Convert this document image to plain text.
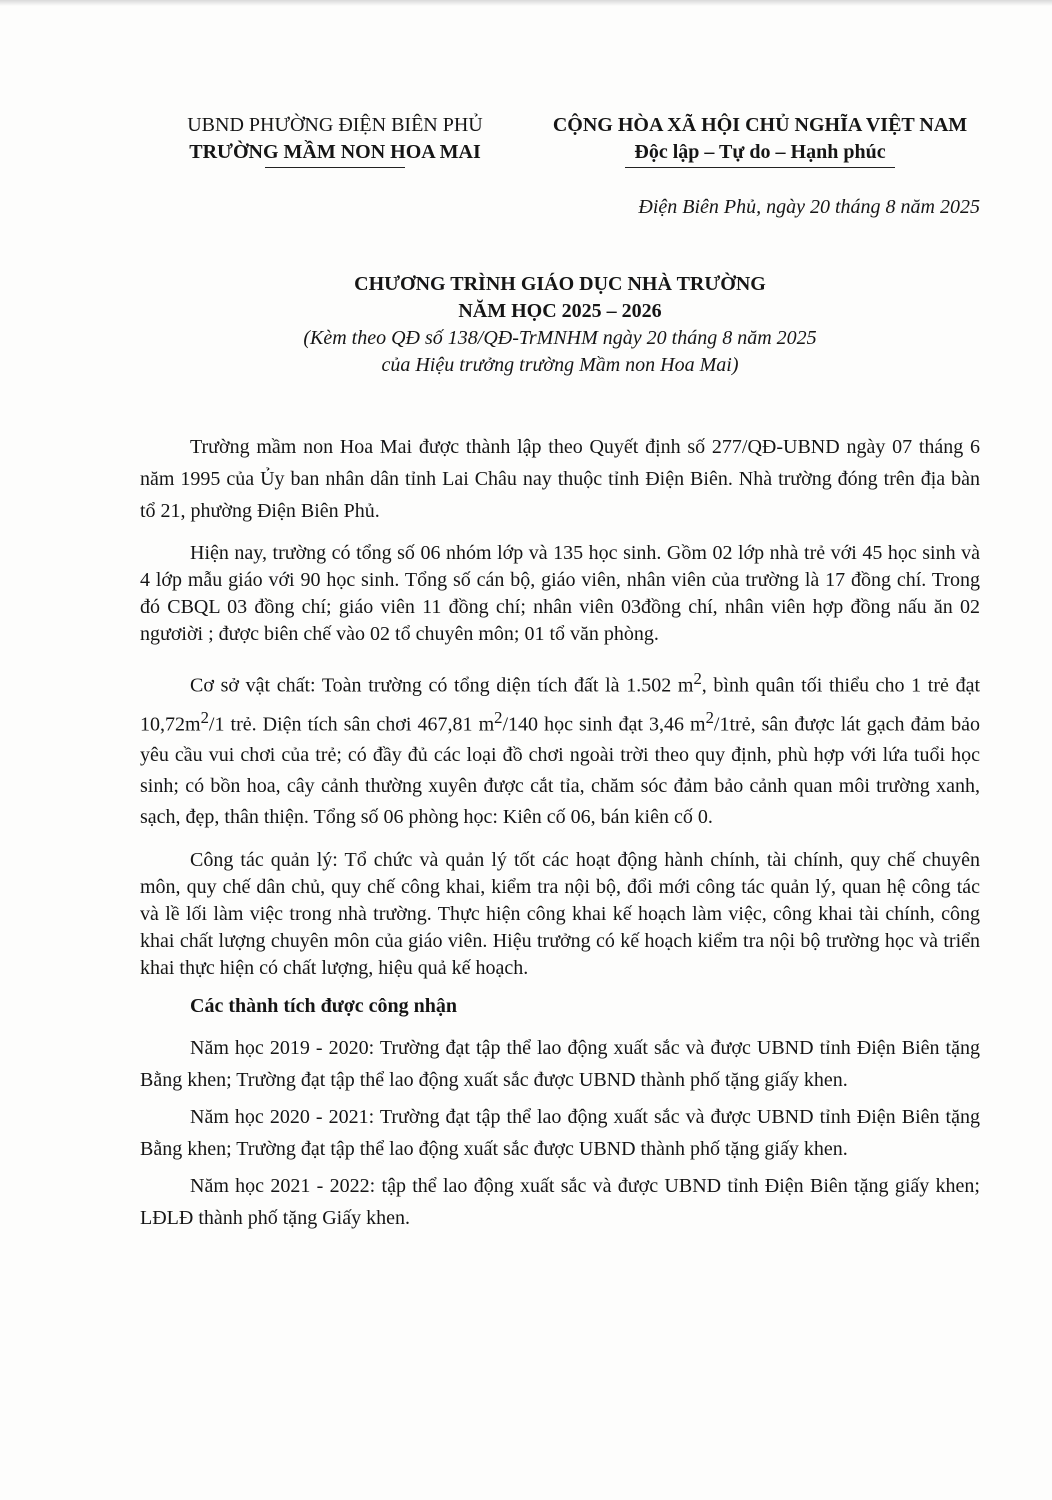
UBND PHƯỜNG ĐIỆN BIÊN PHỦ
TRƯỜNG MẦM NON HOA MAI
CỘNG HÒA XÃ HỘI CHỦ NGHĨA VIỆT NAM
Độc lập – Tự do – Hạnh phúc
Điện Biên Phủ, ngày 20 tháng 8 năm 2025
CHƯƠNG TRÌNH GIÁO DỤC NHÀ TRƯỜNG
NĂM HỌC 2025 – 2026
(Kèm theo QĐ số 138/QĐ-TrMNHM ngày 20 tháng 8 năm 2025
của Hiệu trưởng trường Mầm non Hoa Mai)

Trường mầm non Hoa Mai được thành lập theo Quyết định số 277/QĐ-UBND ngày 07 tháng 6 năm 1995 của Ủy ban nhân dân tỉnh Lai Châu nay thuộc tỉnh Điện Biên. Nhà trường đóng trên địa bàn tổ 21, phường Điện Biên Phủ.

Hiện nay, trường có tổng số 06 nhóm lớp và 135 học sinh. Gồm 02 lớp nhà trẻ với 45 học sinh và 4 lớp mẫu giáo với 90 học sinh. Tổng số cán bộ, giáo viên, nhân viên của trường là 17 đồng chí. Trong đó CBQL 03 đồng chí; giáo viên 11 đồng chí; nhân viên 03đồng chí, nhân viên hợp đồng nấu ăn 02 ngươiời ; được biên chế vào 02 tổ chuyên môn; 01 tổ văn phòng.

Cơ sở vật chất: Toàn trường có tổng diện tích đất là 1.502 $m^2$, bình quân tối thiểu cho 1 trẻ đạt $10,72m^2/1$ trẻ. Diện tích sân chơi 467,81 $m^2/140$ học sinh đạt 3,46 $m^2/1trẻ$, sân được lát gạch đảm bảo yêu cầu vui chơi của trẻ; có đầy đủ các loại đồ chơi ngoài trời theo quy định, phù hợp với lứa tuổi học sinh; có bồn hoa, cây cảnh thường xuyên được cắt tỉa, chăm sóc đảm bảo cảnh quan môi trường xanh, sạch, đẹp, thân thiện. Tổng số 06 phòng học: Kiên cố 06, bán kiên cố 0.

Công tác quản lý: Tổ chức và quản lý tốt các hoạt động hành chính, tài chính, quy chế chuyên môn, quy chế dân chủ, quy chế công khai, kiểm tra nội bộ, đổi mới công tác quản lý, quan hệ công tác và lề lối làm việc trong nhà trường. Thực hiện công khai kế hoạch làm việc, công khai tài chính, công khai chất lượng chuyên môn của giáo viên. Hiệu trưởng có kế hoạch kiểm tra nội bộ trường học và triển khai thực hiện có chất lượng, hiệu quả kế hoạch.

Các thành tích được công nhận

Năm học 2019 - 2020: Trường đạt tập thể lao động xuất sắc và được UBND tỉnh Điện Biên tặng Bằng khen; Trường đạt tập thể lao động xuất sắc được UBND thành phố tặng giấy khen.

Năm học 2020 - 2021: Trường đạt tập thể lao động xuất sắc và được UBND tỉnh Điện Biên tặng Bằng khen; Trường đạt tập thể lao động xuất sắc được UBND thành phố tặng giấy khen.

Năm học 2021 - 2022: tập thể lao động xuất sắc và được UBND tỉnh Điện Biên tặng giấy khen; LĐLĐ thành phố tặng Giấy khen.
